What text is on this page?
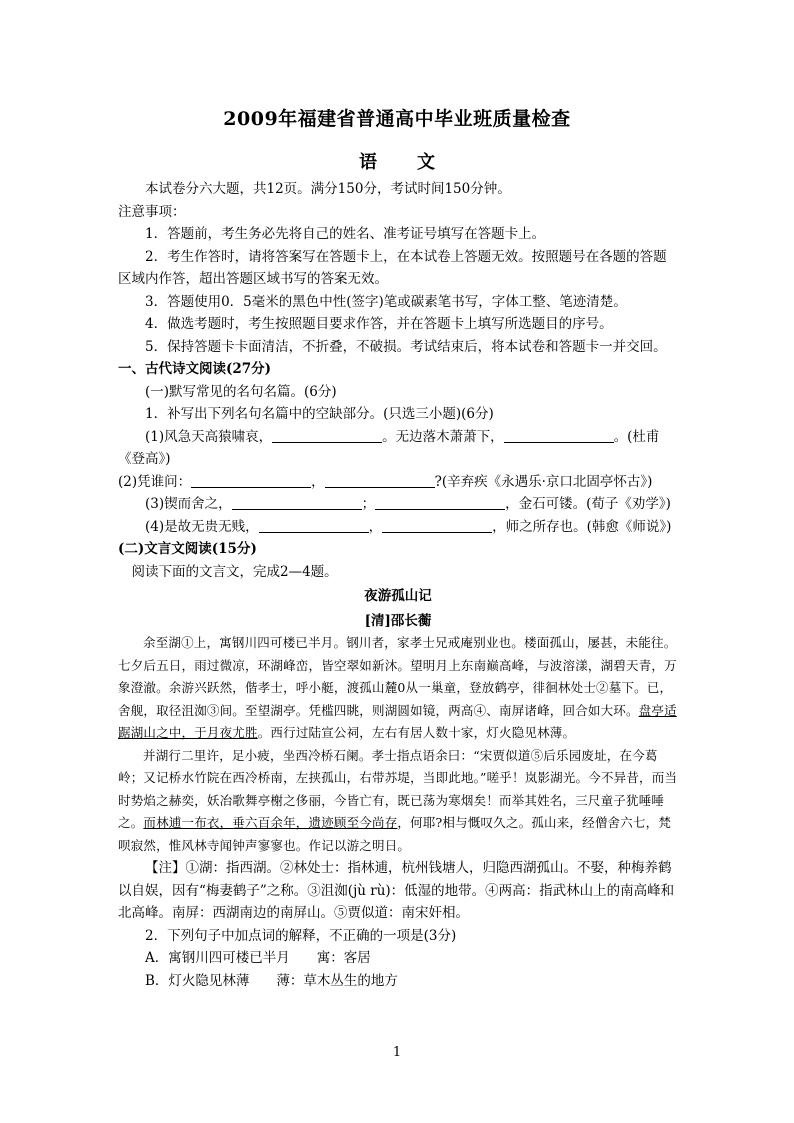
2009年福建省普通高中毕业班质量检查
语 文

本试卷分六大题，共12页。满分150分，考试时间150分钟。

注意事项：

1．答题前，考生务必先将自己的姓名、准考证号填写在答题卡上。

2．考生作答时，请将答案写在答题卡上，在本试卷上答题无效。按照题号在各题的答题区域内作答，超出答题区域书写的答案无效。

3．答题使用0．5毫米的黑色中性(签字)笔或碳素笔书写，字体工整、笔迹清楚。

4．做选考题时，考生按照题目要求作答，并在答题卡上填写所选题目的序号。

5．保持答题卡卡面清洁，不折叠，不破损。考试结束后，将本试卷和答题卡一并交回。

一、古代诗文阅读(27分)

(一)默写常见的名句名篇。(6分)

1．补写出下列名句名篇中的空缺部分。(只选三小题)(6分)

(1)风急天高猿啸哀，	。无边落木萧萧下，	。(杜甫《登高》)

(2)凭谁问：	，	?(辛弃疾《永遇乐·京口北固亭怀古》)

(3)锲而舍之，	；	，金石可镂。(荀子《劝学》)

(4)是故无贵无贱，	，	，师之所存也。(韩愈《师说》)

(二)文言文阅读(15分)

阅读下面的文言文，完成2—4题。

夜游孤山记

[清]邵长蘅

余至湖①上，寓钢川四可楼已半月。钢川者，家孝士兄戒庵别业也。楼面孤山，屡甚，未能往。七夕后五日，雨过微凉，环湖峰峦，皆空翠如新沐。望明月上东南巅高峰，与波溶漾，湖碧天青，万象澄澈。余游兴跃然，偕孝士，呼小艇，渡孤山麓0从一巢童，登放鹤亭，徘徊林处士②墓下。已，舍舰，取径沮洳③间。至望湖亭。凭槛四眺，则湖圆如镜，两高④、南屏诸峰，回合如大环。盘亭适踞湖山之中，于月夜尤胜。西行过陆宣公祠，左右有居人数十家，灯火隐见林薄。

并湖行二里许，足小疲，坐西冷桥石阑。孝士指点语余曰：“宋贾似道⑤后乐园废址，在今葛岭；又记桥水竹院在西冷桥南，左挟孤山，右带苏堤，当即此地。”嗟乎！岚影湖光。今不异昔，而当时势焰之赫奕，妖冶歌舞亭榭之侈丽，今皆亡有，既已荡为寒烟矣！而举其姓名，三尺童子犹唾唾之。而林逋一布衣，垂六百余年，遗迹顾至今尚存，何耶?相与慨叹久之。孤山来，经僧舍六七，梵呗寂然，惟风林寺闻钟声寥寥也。作记以游之明日。

【注】①湖：指西湖。②林处士：指林逋，杭州钱塘人，归隐西湖孤山。不娶，种梅养鹤以自娱，因有“梅妻鹤子”之称。③沮洳(jù rù)：低湿的地带。④两高：指武林山上的南高峰和北高峰。南屏：西湖南边的南屏山。⑤贾似道：南宋奸相。

2．下列句子中加点词的解释，不正确的一项是(3分)

A．寓钢川四可楼已半月　　寓：客居

B．灯火隐见林薄　　薄：草木丛生的地方

1
